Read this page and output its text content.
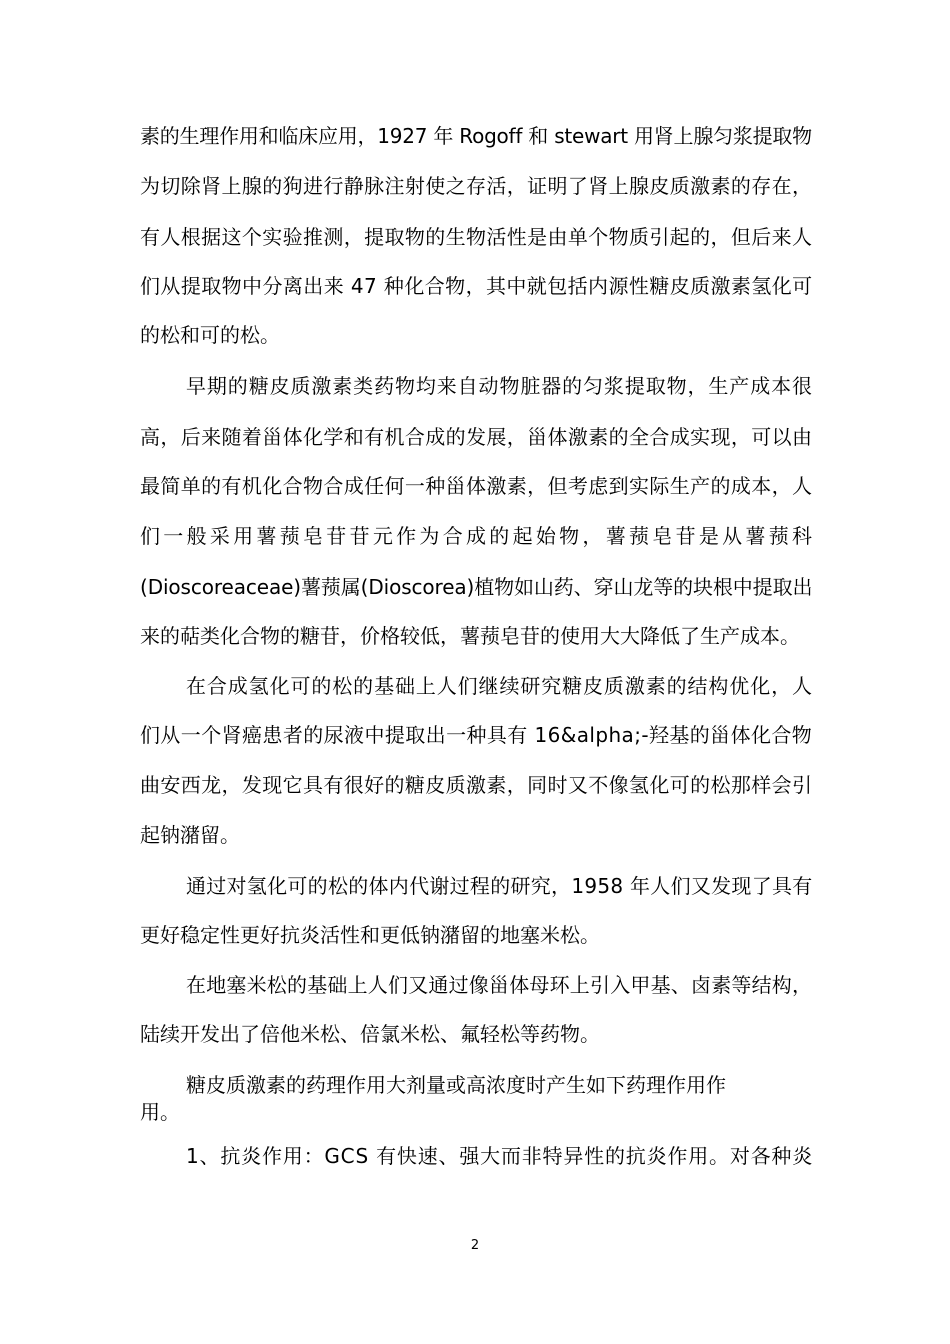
素的生理作用和临床应用，1927 年 Rogoff 和 stewart 用肾上腺匀浆提取物
为切除肾上腺的狗进行静脉注射使之存活，证明了肾上腺皮质激素的存在，
有人根据这个实验推测，提取物的生物活性是由单个物质引起的，但后来人
们从提取物中分离出来 47 种化合物，其中就包括内源性糖皮质激素氢化可
的松和可的松。
早期的糖皮质激素类药物均来自动物脏器的匀浆提取物，生产成本很
高，后来随着甾体化学和有机合成的发展，甾体激素的全合成实现，可以由
最简单的有机化合物合成任何一种甾体激素，但考虑到实际生产的成本，人
们一般采用薯蓣皂苷苷元作为合成的起始物，薯蓣皂苷是从薯蓣科
(Dioscoreaceae)薯蓣属(Dioscorea)植物如山药、穿山龙等的块根中提取出
来的萜类化合物的糖苷，价格较低，薯蓣皂苷的使用大大降低了生产成本。
在合成氢化可的松的基础上人们继续研究糖皮质激素的结构优化，人
们从一个肾癌患者的尿液中提取出一种具有 16&alpha;-羟基的甾体化合物
曲安西龙，发现它具有很好的糖皮质激素，同时又不像氢化可的松那样会引
起钠潴留。
通过对氢化可的松的体内代谢过程的研究，1958 年人们又发现了具有
更好稳定性更好抗炎活性和更低钠潴留的地塞米松。
在地塞米松的基础上人们又通过像甾体母环上引入甲基、卤素等结构，
陆续开发出了倍他米松、倍氯米松、氟轻松等药物。
糖皮质激素的药理作用大剂量或高浓度时产生如下药理作用作
用。
1、抗炎作用：GCS 有快速、强大而非特异性的抗炎作用。对各种炎
2
